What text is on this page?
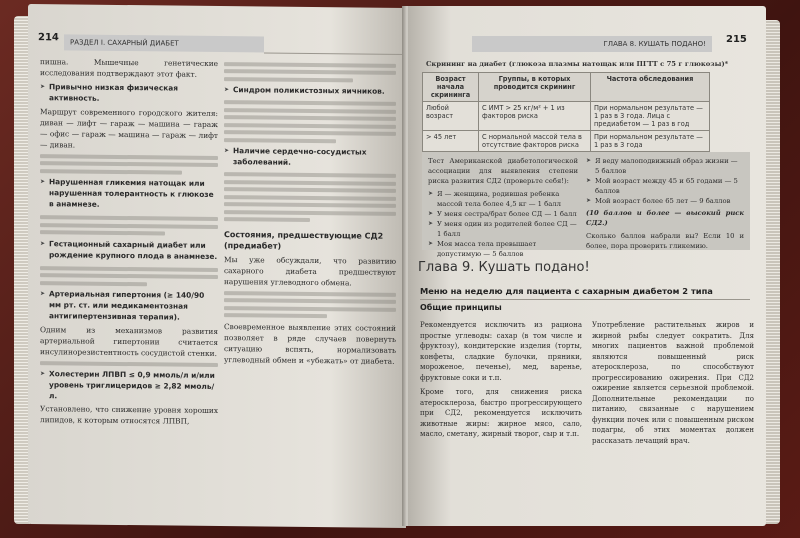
214	РАЗДЕЛ I. САХАРНЫЙ ДИАБЕТ

пишна. Мышечные генетические исследования подтверждают этот факт.

➤ Привычно низкая физическая активность.

Маршрут современного городского жителя: диван — лифт — гараж — машина — гараж — офис — гараж — машина — гараж — лифт — диван.

➤ Нарушенная гликемия натощак или нарушенная толерантность к глюкозе в анамнезе.
➤ Гестационный сахарный диабет или рождение крупного плода в анамнезе.
➤ Артериальная гипертония (≥ 140/90 мм рт. ст. или медикаментозная антигипертензивная терапия).

Одним из механизмов развития артериальной гипертонии считается инсулинорезистентность сосудистой стенки.

➤ Холестерин ЛПВП ≤ 0,9 ммоль/л и/или уровень триглицеридов ≥ 2,82 ммоль/л.

Установлено, что снижение уровня хороших липидов, к которым относятся ЛПВП,

➤ Синдром поликистозных яичников.
➤ Наличие сердечно-сосудистых заболеваний.
Состояния, предшествующие СД2 (предиабет)

Мы уже обсуждали, что развитию сахарного диабета предшествуют нарушения углеводного обмена.

Своевременное выявление этих состояний позволяет в ряде случаев повернуть ситуацию вспять, нормализовать углеводный обмен и «убежать» от диабета.

ГЛАВА 8. КУШАТЬ ПОДАНО!	215
Скрининг на диабет (глюкоза плазмы натощак или ПГТТ с 75 г глюкозы)*
Возраст начала скрининга	Группы, в которых проводится скрининг	Частота обследования
Любой возраст	С ИМТ > 25 кг/м² + 1 из факторов риска	При нормальном результате — 1 раз в 3 года. Лица с предиабетом — 1 раз в год
> 45 лет	С нормальной массой тела в отсутствие факторов риска	При нормальном результате — 1 раз в 3 года

Тест Американской диабетологической ассоциации для выявления степени риска развития СД2 (проверьте себя!):

➤ Я — женщина, родившая ребенка массой тела более 4,5 кг — 1 балл
➤ У меня сестра/брат более СД — 1 балл
➤ У меня один из родителей более СД — 1 балл
➤ Моя масса тела превышает допустимую — 5 баллов
➤ Я веду малоподвижный образ жизни — 5 баллов
➤ Мой возраст между 45 и 65 годами — 5 баллов
➤ Мой возраст более 65 лет — 9 баллов

(10 баллов и более — высокий риск СД2.)

Сколько баллов набрали вы? Если 10 и более, пора проверить гликемию.

Глава 9. Кушать подано!
Меню на неделю для пациента с сахарным диабетом 2 типа
Общие принципы

Рекомендуется исключить из рациона простые углеводы: сахар (в том числе и фруктозу), кондитерские изделия (торты, конфеты, сладкие булочки, пряники, мороженое, печенье), мед, варенье, фруктовые соки и т.п.

Кроме того, для снижения риска атеросклероза, быстро прогрессирующего при СД2, рекомендуется исключить животные жиры: жирное мясо, сало, масло, сметану, жирный творог, сыр и т.п.

Употребление растительных жиров и жирной рыбы следует сократить. Для многих пациентов важной проблемой являются повышенный риск атеросклероза, по способствуют прогрессированию ожирения. При СД2 ожирение является серьезной проблемой. Дополнительные рекомендации по питанию, связанные с нарушением функции почек или с повышенным риском подагры, об этих моментах должен рассказать лечащий врач.
